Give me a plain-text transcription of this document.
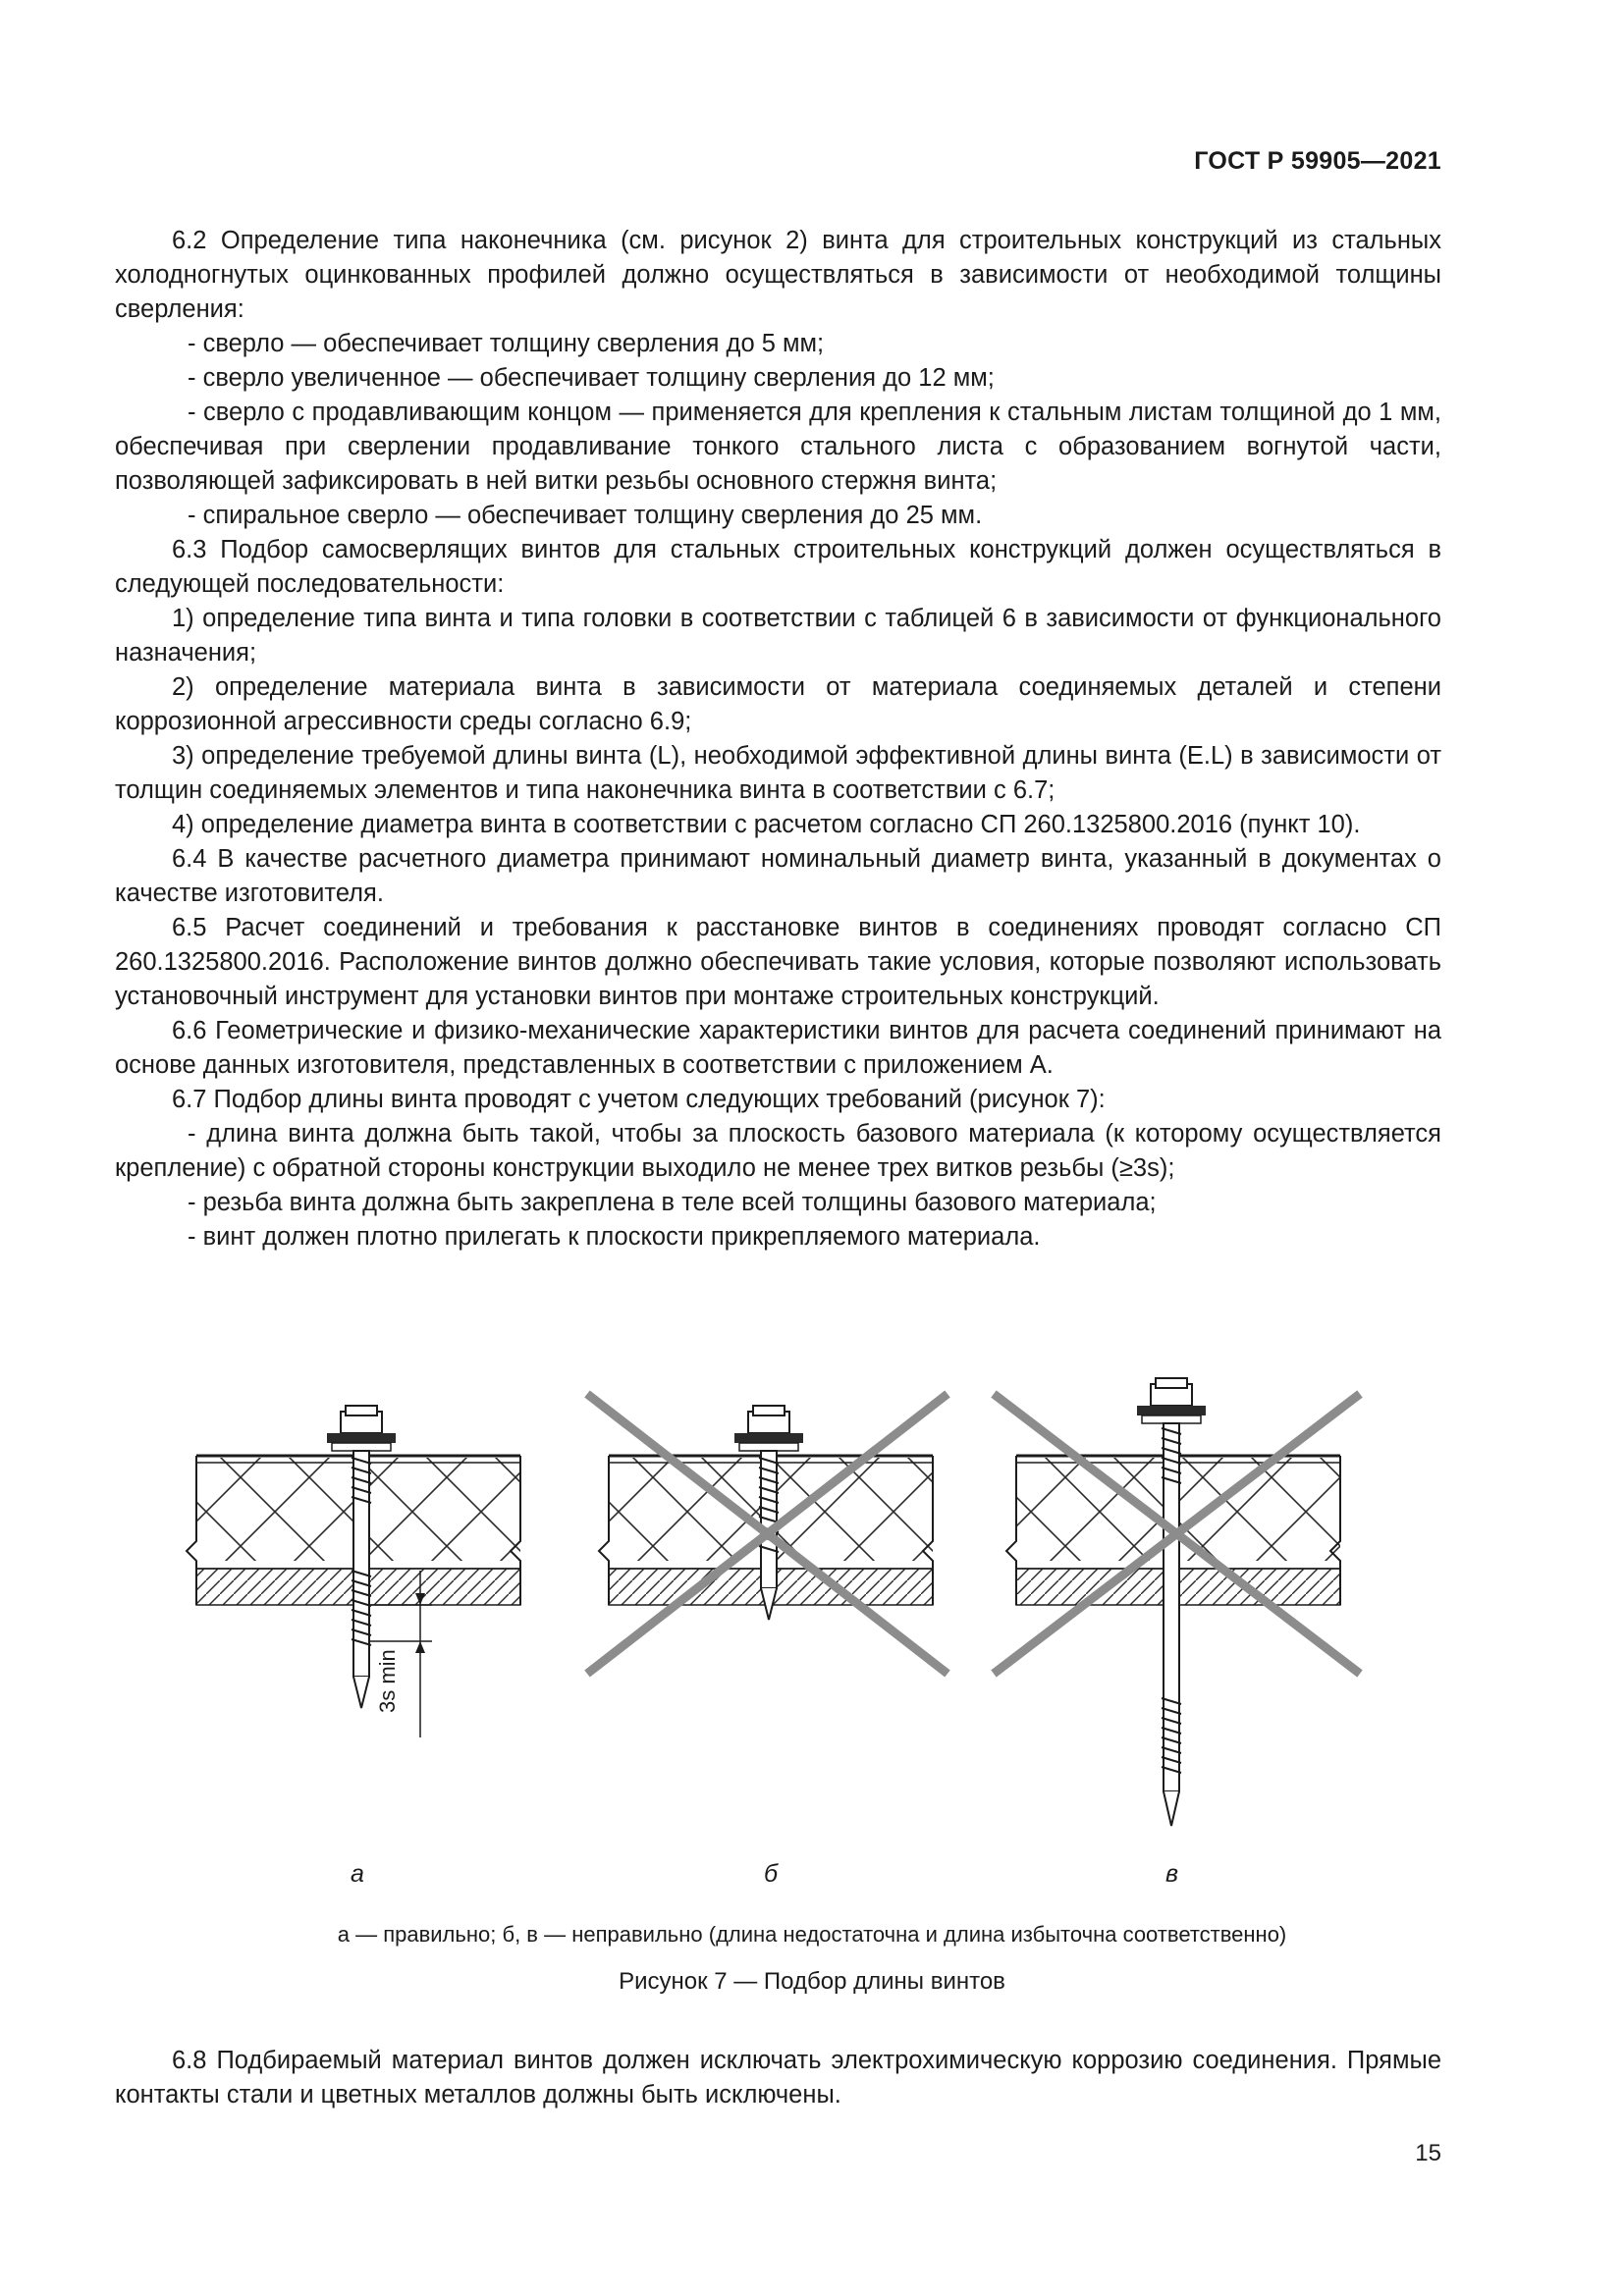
ГОСТ Р 59905—2021

6.2 Определение типа наконечника (см. рисунок 2) винта для строительных конструкций из стальных холодногнутых оцинкованных профилей должно осуществляться в зависимости от необходимой толщины сверления:

- сверло — обеспечивает толщину сверления до 5 мм;

- сверло увеличенное — обеспечивает толщину сверления до 12 мм;

- сверло с продавливающим концом — применяется для крепления к стальным листам толщиной до 1 мм, обеспечивая при сверлении продавливание тонкого стального листа с образованием вогнутой части, позволяющей зафиксировать в ней витки резьбы основного стержня винта;

- спиральное сверло — обеспечивает толщину сверления до 25 мм.

6.3 Подбор самосверлящих винтов для стальных строительных конструкций должен осуществляться в следующей последовательности:

1) определение типа винта и типа головки в соответствии с таблицей 6 в зависимости от функционального назначения;

2) определение материала винта в зависимости от материала соединяемых деталей и степени коррозионной агрессивности среды согласно 6.9;

3) определение требуемой длины винта (L), необходимой эффективной длины винта (E.L) в зависимости от толщин соединяемых элементов и типа наконечника винта в соответствии с 6.7;

4) определение диаметра винта в соответствии с расчетом согласно СП 260.1325800.2016 (пункт 10).

6.4 В качестве расчетного диаметра принимают номинальный диаметр винта, указанный в документах о качестве изготовителя.

6.5 Расчет соединений и требования к расстановке винтов в соединениях проводят согласно СП 260.1325800.2016. Расположение винтов должно обеспечивать такие условия, которые позволяют использовать установочный инструмент для установки винтов при монтаже строительных конструкций.

6.6 Геометрические и физико-механические характеристики винтов для расчета соединений принимают на основе данных изготовителя, представленных в соответствии с приложением А.

6.7 Подбор длины винта проводят с учетом следующих требований (рисунок 7):

- длина винта должна быть такой, чтобы за плоскость базового материала (к которому осуществляется крепление) с обратной стороны конструкции выходило не менее трех витков резьбы (≥3s);

- резьба винта должна быть закреплена в теле всей толщины базового материала;

- винт должен плотно прилегать к плоскости прикрепляемого материала.

3s min
а	б	в
а — правильно; б, в — неправильно (длина недостаточна и длина избыточна соответственно)
Рисунок 7 — Подбор длины винтов

6.8 Подбираемый материал винтов должен исключать электрохимическую коррозию соединения. Прямые контакты стали и цветных металлов должны быть исключены.

15
